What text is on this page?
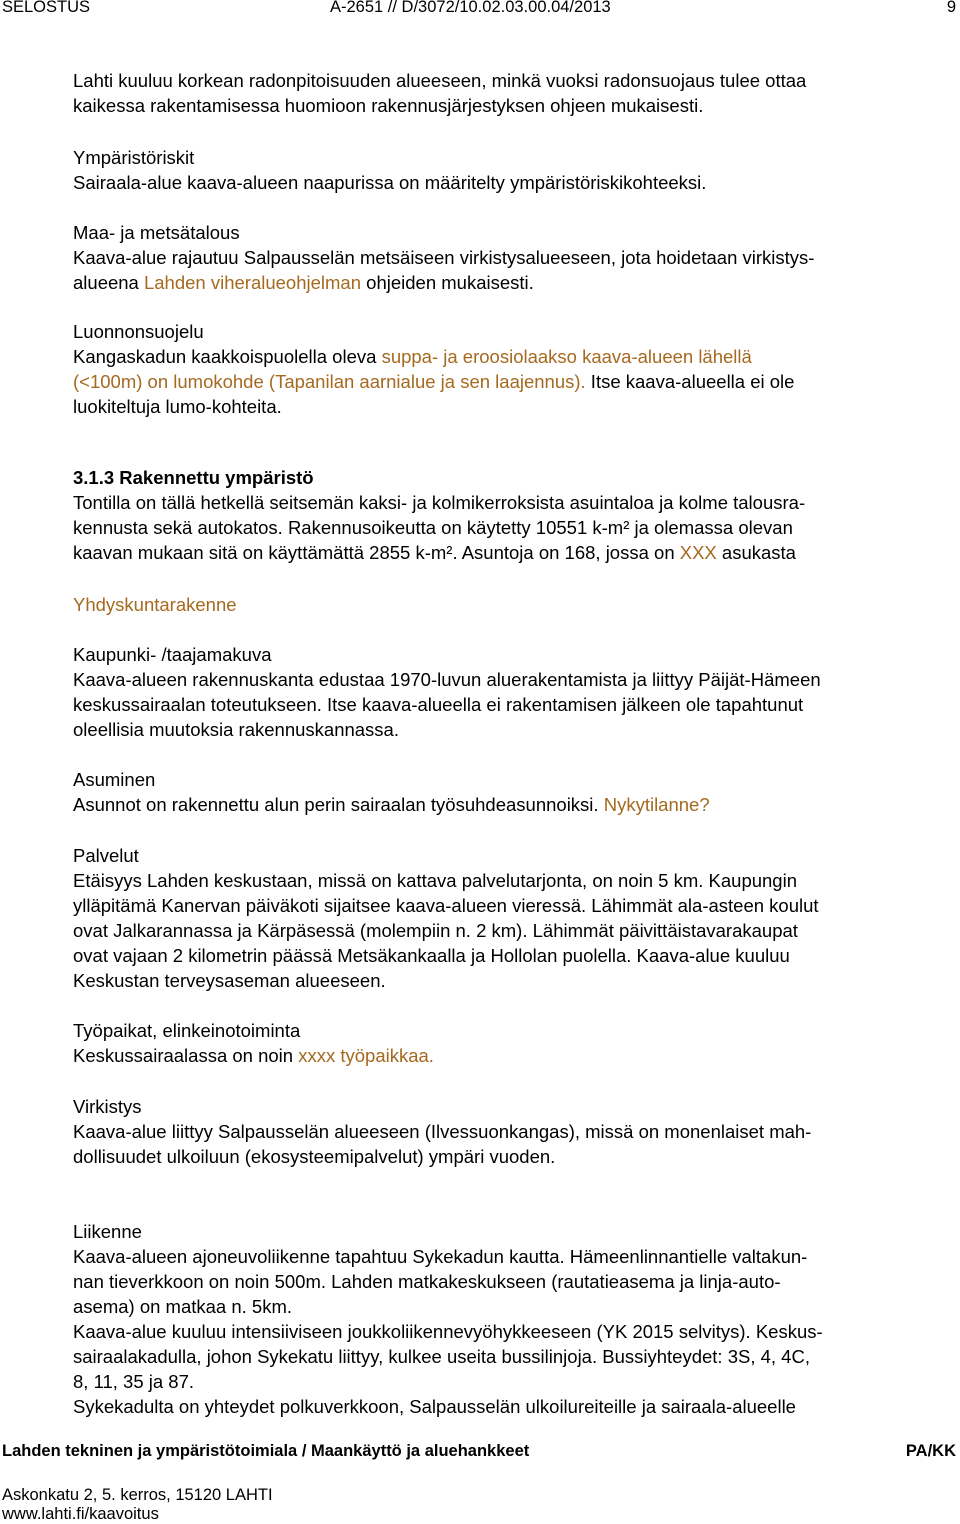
SELOSTUS	A-2651 // D/3072/10.02.03.00.04/2013	9

Lahti kuuluu korkean radonpitoisuuden alueeseen, minkä vuoksi radonsuojaus tulee ottaa

kaikessa rakentamisessa huomioon rakennusjärjestyksen ohjeen mukaisesti.

Ympäristöriskit

Sairaala-alue kaava-alueen naapurissa on määritelty ympäristöriskikohteeksi.

Maa- ja metsätalous

Kaava-alue rajautuu Salpausselän metsäiseen virkistysalueeseen, jota hoidetaan virkistys-

alueena Lahden viheralueohjelman ohjeiden mukaisesti.

Luonnonsuojelu

Kangaskadun kaakkoispuolella oleva suppa- ja eroosiolaakso kaava-alueen lähellä

(<100m) on lumokohde (Tapanilan aarnialue ja sen laajennus). Itse kaava-alueella ei ole

luokiteltuja lumo-kohteita.

3.1.3 Rakennettu ympäristö

Tontilla on tällä hetkellä seitsemän kaksi- ja kolmikerroksista asuintaloa ja kolme talousra-

kennusta sekä autokatos. Rakennusoikeutta on käytetty 10551 k-m² ja olemassa olevan

kaavan mukaan sitä on käyttämättä 2855 k-m². Asuntoja on 168, jossa on XXX asukasta

Yhdyskuntarakenne

Kaupunki- /taajamakuva

Kaava-alueen rakennuskanta edustaa 1970-luvun aluerakentamista ja liittyy Päijät-Hämeen

keskussairaalan toteutukseen. Itse kaava-alueella ei rakentamisen jälkeen ole tapahtunut

oleellisia muutoksia rakennuskannassa.

Asuminen

Asunnot on rakennettu alun perin sairaalan työsuhdeasunnoiksi. Nykytilanne?

Palvelut

Etäisyys Lahden keskustaan, missä on kattava palvelutarjonta, on noin 5 km. Kaupungin

ylläpitämä Kanervan päiväkoti sijaitsee kaava-alueen vieressä. Lähimmät ala-asteen koulut

ovat Jalkarannassa ja Kärpäsessä (molempiin n. 2 km). Lähimmät päivittäistavarakaupat

ovat vajaan 2 kilometrin päässä Metsäkankaalla ja Hollolan puolella. Kaava-alue kuuluu

Keskustan terveysaseman alueeseen.

Työpaikat, elinkeinotoiminta

Keskussairaalassa on noin xxxx työpaikkaa.

Virkistys

Kaava-alue liittyy Salpausselän alueeseen (Ilvessuonkangas), missä on monenlaiset mah-

dollisuudet ulkoiluun (ekosysteemipalvelut) ympäri vuoden.

Liikenne

Kaava-alueen ajoneuvoliikenne tapahtuu Sykekadun kautta. Hämeenlinnantielle valtakun-

nan tieverkkoon on noin 500m. Lahden matkakeskukseen (rautatieasema ja linja-auto-

asema) on matkaa n. 5km.

Kaava-alue kuuluu intensiiviseen joukkoliikennevyöhykkeeseen (YK 2015 selvitys). Keskus-

sairaalakadulla, johon Sykekatu liittyy, kulkee useita bussilinjoja. Bussiyhteydet: 3S, 4, 4C,

8, 11, 35 ja 87.

Sykekadulta on yhteydet polkuverkkoon, Salpausselän ulkoilureiteille ja sairaala-alueelle

Lahden tekninen ja ympäristötoimiala / Maankäyttö ja aluehankkeet	PA/KK
Askonkatu 2, 5. kerros, 15120 LAHTI
www.lahti.fi/kaavoitus
